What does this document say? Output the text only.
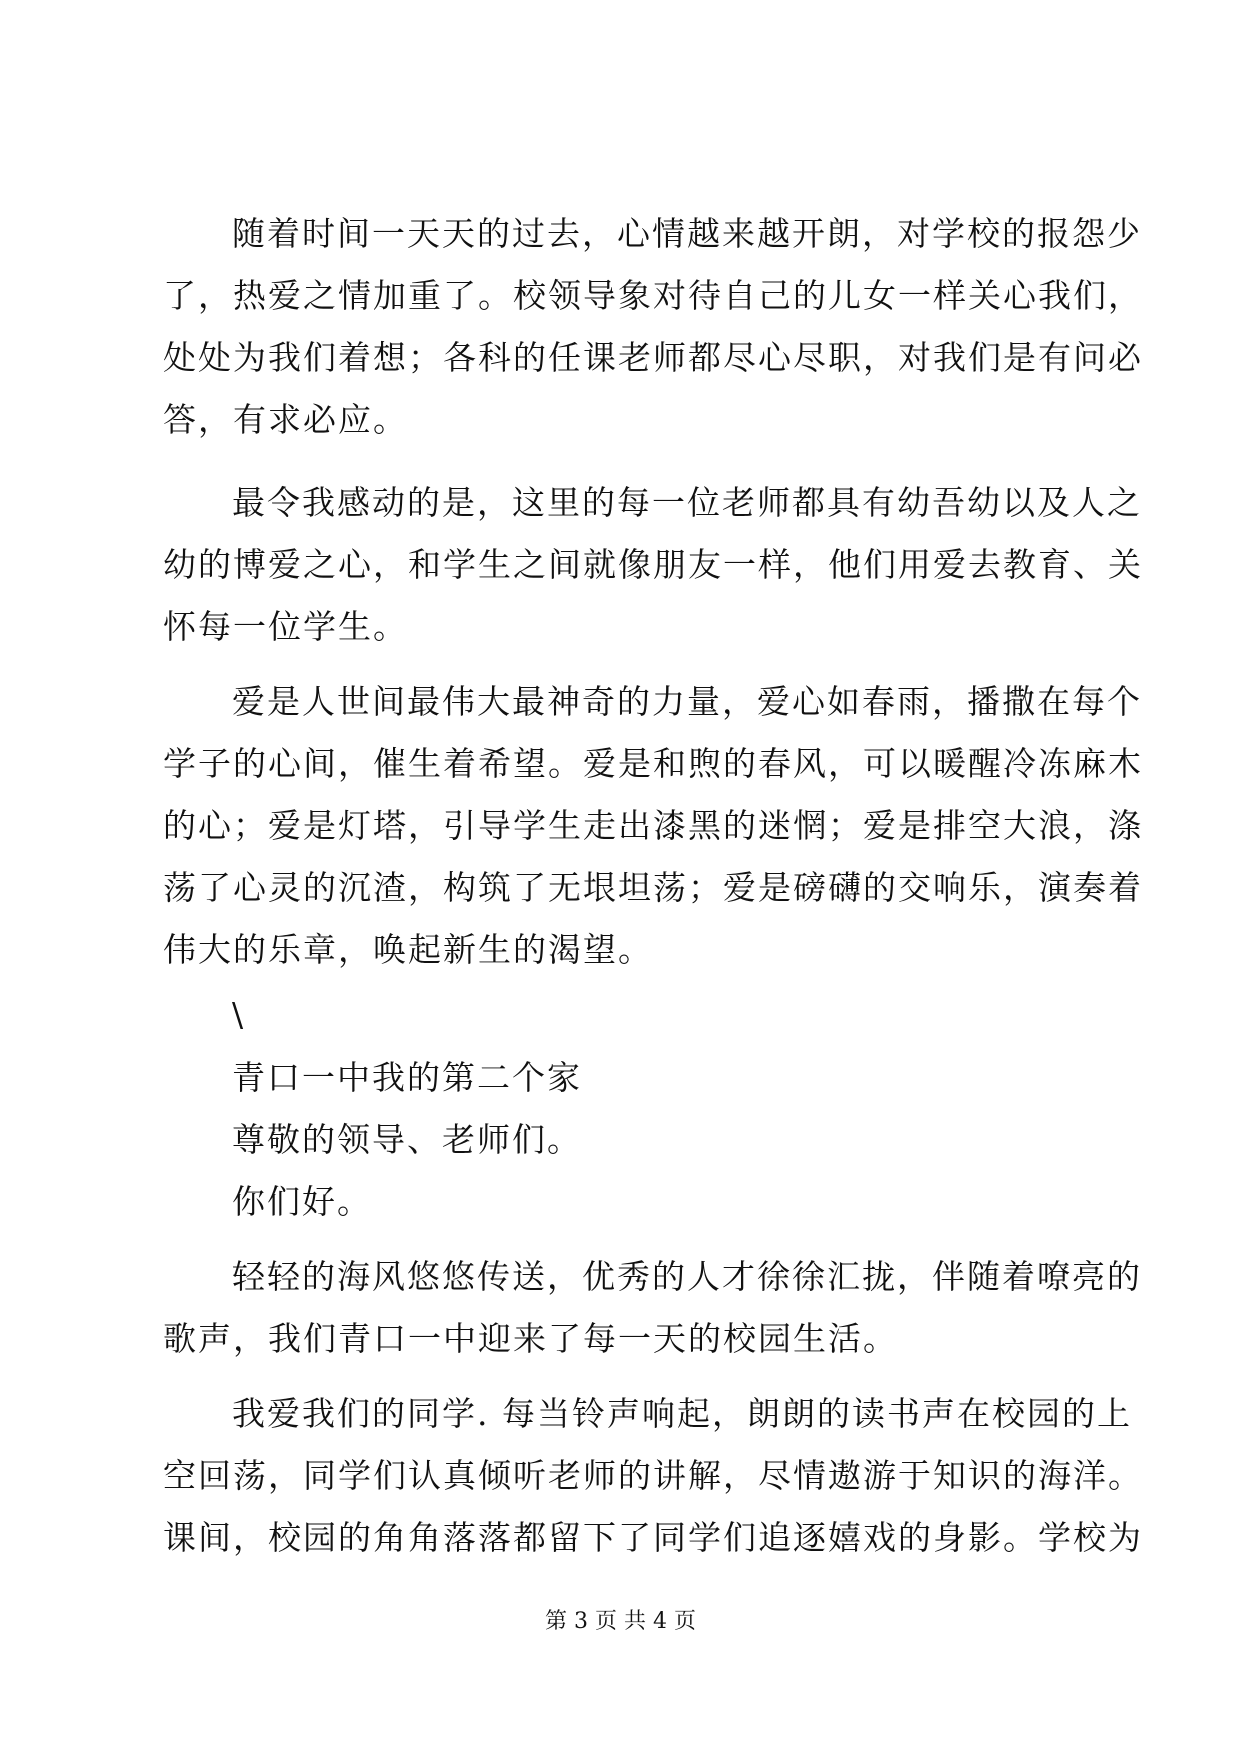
随着时间一天天的过去，心情越来越开朗，对学校的报怨少
了，热爱之情加重了。校领导象对待自己的儿女一样关心我们，
处处为我们着想；各科的任课老师都尽心尽职，对我们是有问必
答，有求必应。
最令我感动的是，这里的每一位老师都具有幼吾幼以及人之
幼的博爱之心，和学生之间就像朋友一样，他们用爱去教育、关
怀每一位学生。
爱是人世间最伟大最神奇的力量，爱心如春雨，播撒在每个
学子的心间，催生着希望。爱是和煦的春风，可以暖醒冷冻麻木
的心；爱是灯塔，引导学生走出漆黑的迷惘；爱是排空大浪，涤
荡了心灵的沉渣，构筑了无垠坦荡；爱是磅礴的交响乐，演奏着
伟大的乐章，唤起新生的渴望。
\
青口一中我的第二个家
尊敬的领导、老师们。
你们好。
轻轻的海风悠悠传送，优秀的人才徐徐汇拢，伴随着嘹亮的
歌声，我们青口一中迎来了每一天的校园生活。
我爱我们的同学. 每当铃声响起，朗朗的读书声在校园的上
空回荡，同学们认真倾听老师的讲解，尽情遨游于知识的海洋。
课间，校园的角角落落都留下了同学们追逐嬉戏的身影。学校为
第 3 页 共 4 页
